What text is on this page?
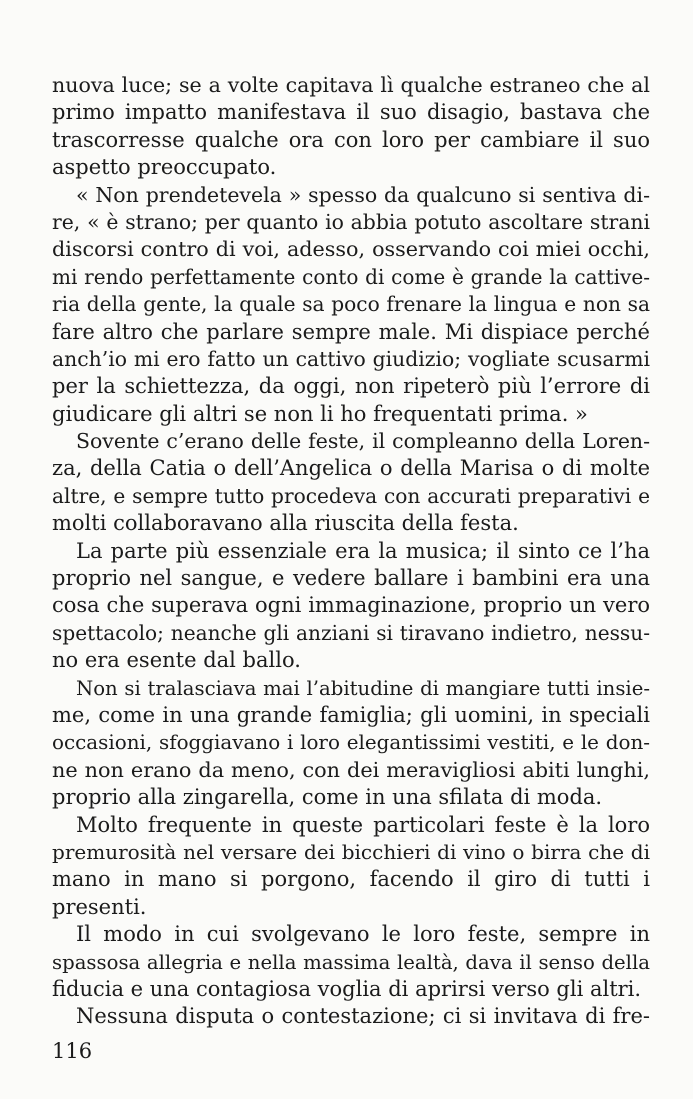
nuova luce; se a volte capitava lì qualche estraneo che al
primo impatto manifestava il suo disagio, bastava che
trascorresse qualche ora con loro per cambiare il suo
aspetto preoccupato.
« Non prendetevela » spesso da qualcuno si sentiva di-
re, « è strano; per quanto io abbia potuto ascoltare strani
discorsi contro di voi, adesso, osservando coi miei occhi,
mi rendo perfettamente conto di come è grande la cattive-
ria della gente, la quale sa poco frenare la lingua e non sa
fare altro che parlare sempre male. Mi dispiace perché
anch’io mi ero fatto un cattivo giudizio; vogliate scusarmi
per la schiettezza, da oggi, non ripeterò più l’errore di
giudicare gli altri se non li ho frequentati prima. »
Sovente c’erano delle feste, il compleanno della Loren-
za, della Catia o dell’Angelica o della Marisa o di molte
altre, e sempre tutto procedeva con accurati preparativi e
molti collaboravano alla riuscita della festa.
La parte più essenziale era la musica; il sinto ce l’ha
proprio nel sangue, e vedere ballare i bambini era una
cosa che superava ogni immaginazione, proprio un vero
spettacolo; neanche gli anziani si tiravano indietro, nessu-
no era esente dal ballo.
Non si tralasciava mai l’abitudine di mangiare tutti insie-
me, come in una grande famiglia; gli uomini, in speciali
occasioni, sfoggiavano i loro elegantissimi vestiti, e le don-
ne non erano da meno, con dei meravigliosi abiti lunghi,
proprio alla zingarella, come in una sfilata di moda.
Molto frequente in queste particolari feste è la loro
premurosità nel versare dei bicchieri di vino o birra che di
mano in mano si porgono, facendo il giro di tutti i
presenti.
Il modo in cui svolgevano le loro feste, sempre in
spassosa allegria e nella massima lealtà, dava il senso della
fiducia e una contagiosa voglia di aprirsi verso gli altri.
Nessuna disputa o contestazione; ci si invitava di fre-
116
